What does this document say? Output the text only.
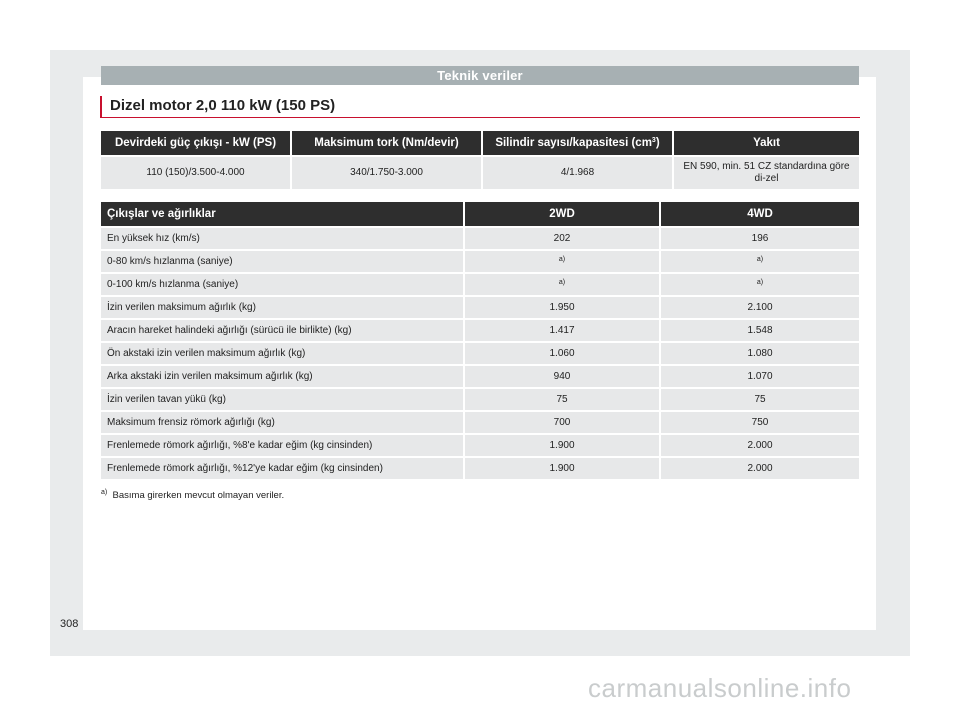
Teknik veriler
Dizel motor 2,0 110 kW (150 PS)
Devirdeki güç çıkışı - kW (PS)	Maksimum tork (Nm/devir)	Silindir sayısı/kapasitesi $(cm^3)$	Yakıt
110 (150)/3.500-4.000	340/1.750-3.000	4/1.968	EN 590, min. 51 CZ standardına göre di-zel
Çıkışlar ve ağırlıklar	2WD	4WD
En yüksek hız (km/s)	202	196
0-80 km/s hızlanma (saniye)	$^{a)}$	$^{a)}$
0-100 km/s hızlanma (saniye)	$^{a)}$	$^{a)}$
İzin verilen maksimum ağırlık (kg)	1.950	2.100
Aracın hareket halindeki ağırlığı (sürücü ile birlikte) (kg)	1.417	1.548
Ön akstaki izin verilen maksimum ağırlık (kg)	1.060	1.080
Arka akstaki izin verilen maksimum ağırlık (kg)	940	1.070
İzin verilen tavan yükü (kg)	75	75
Maksimum frensiz römork ağırlığı (kg)	700	750
Frenlemede römork ağırlığı, %8'e kadar eğim (kg cinsinden)	1.900	2.000
Frenlemede römork ağırlığı, %12'ye kadar eğim (kg cinsinden)	1.900	2.000
$^{a)}$ Basıma girerken mevcut olmayan veriler.
308
carmanualsonline.info
